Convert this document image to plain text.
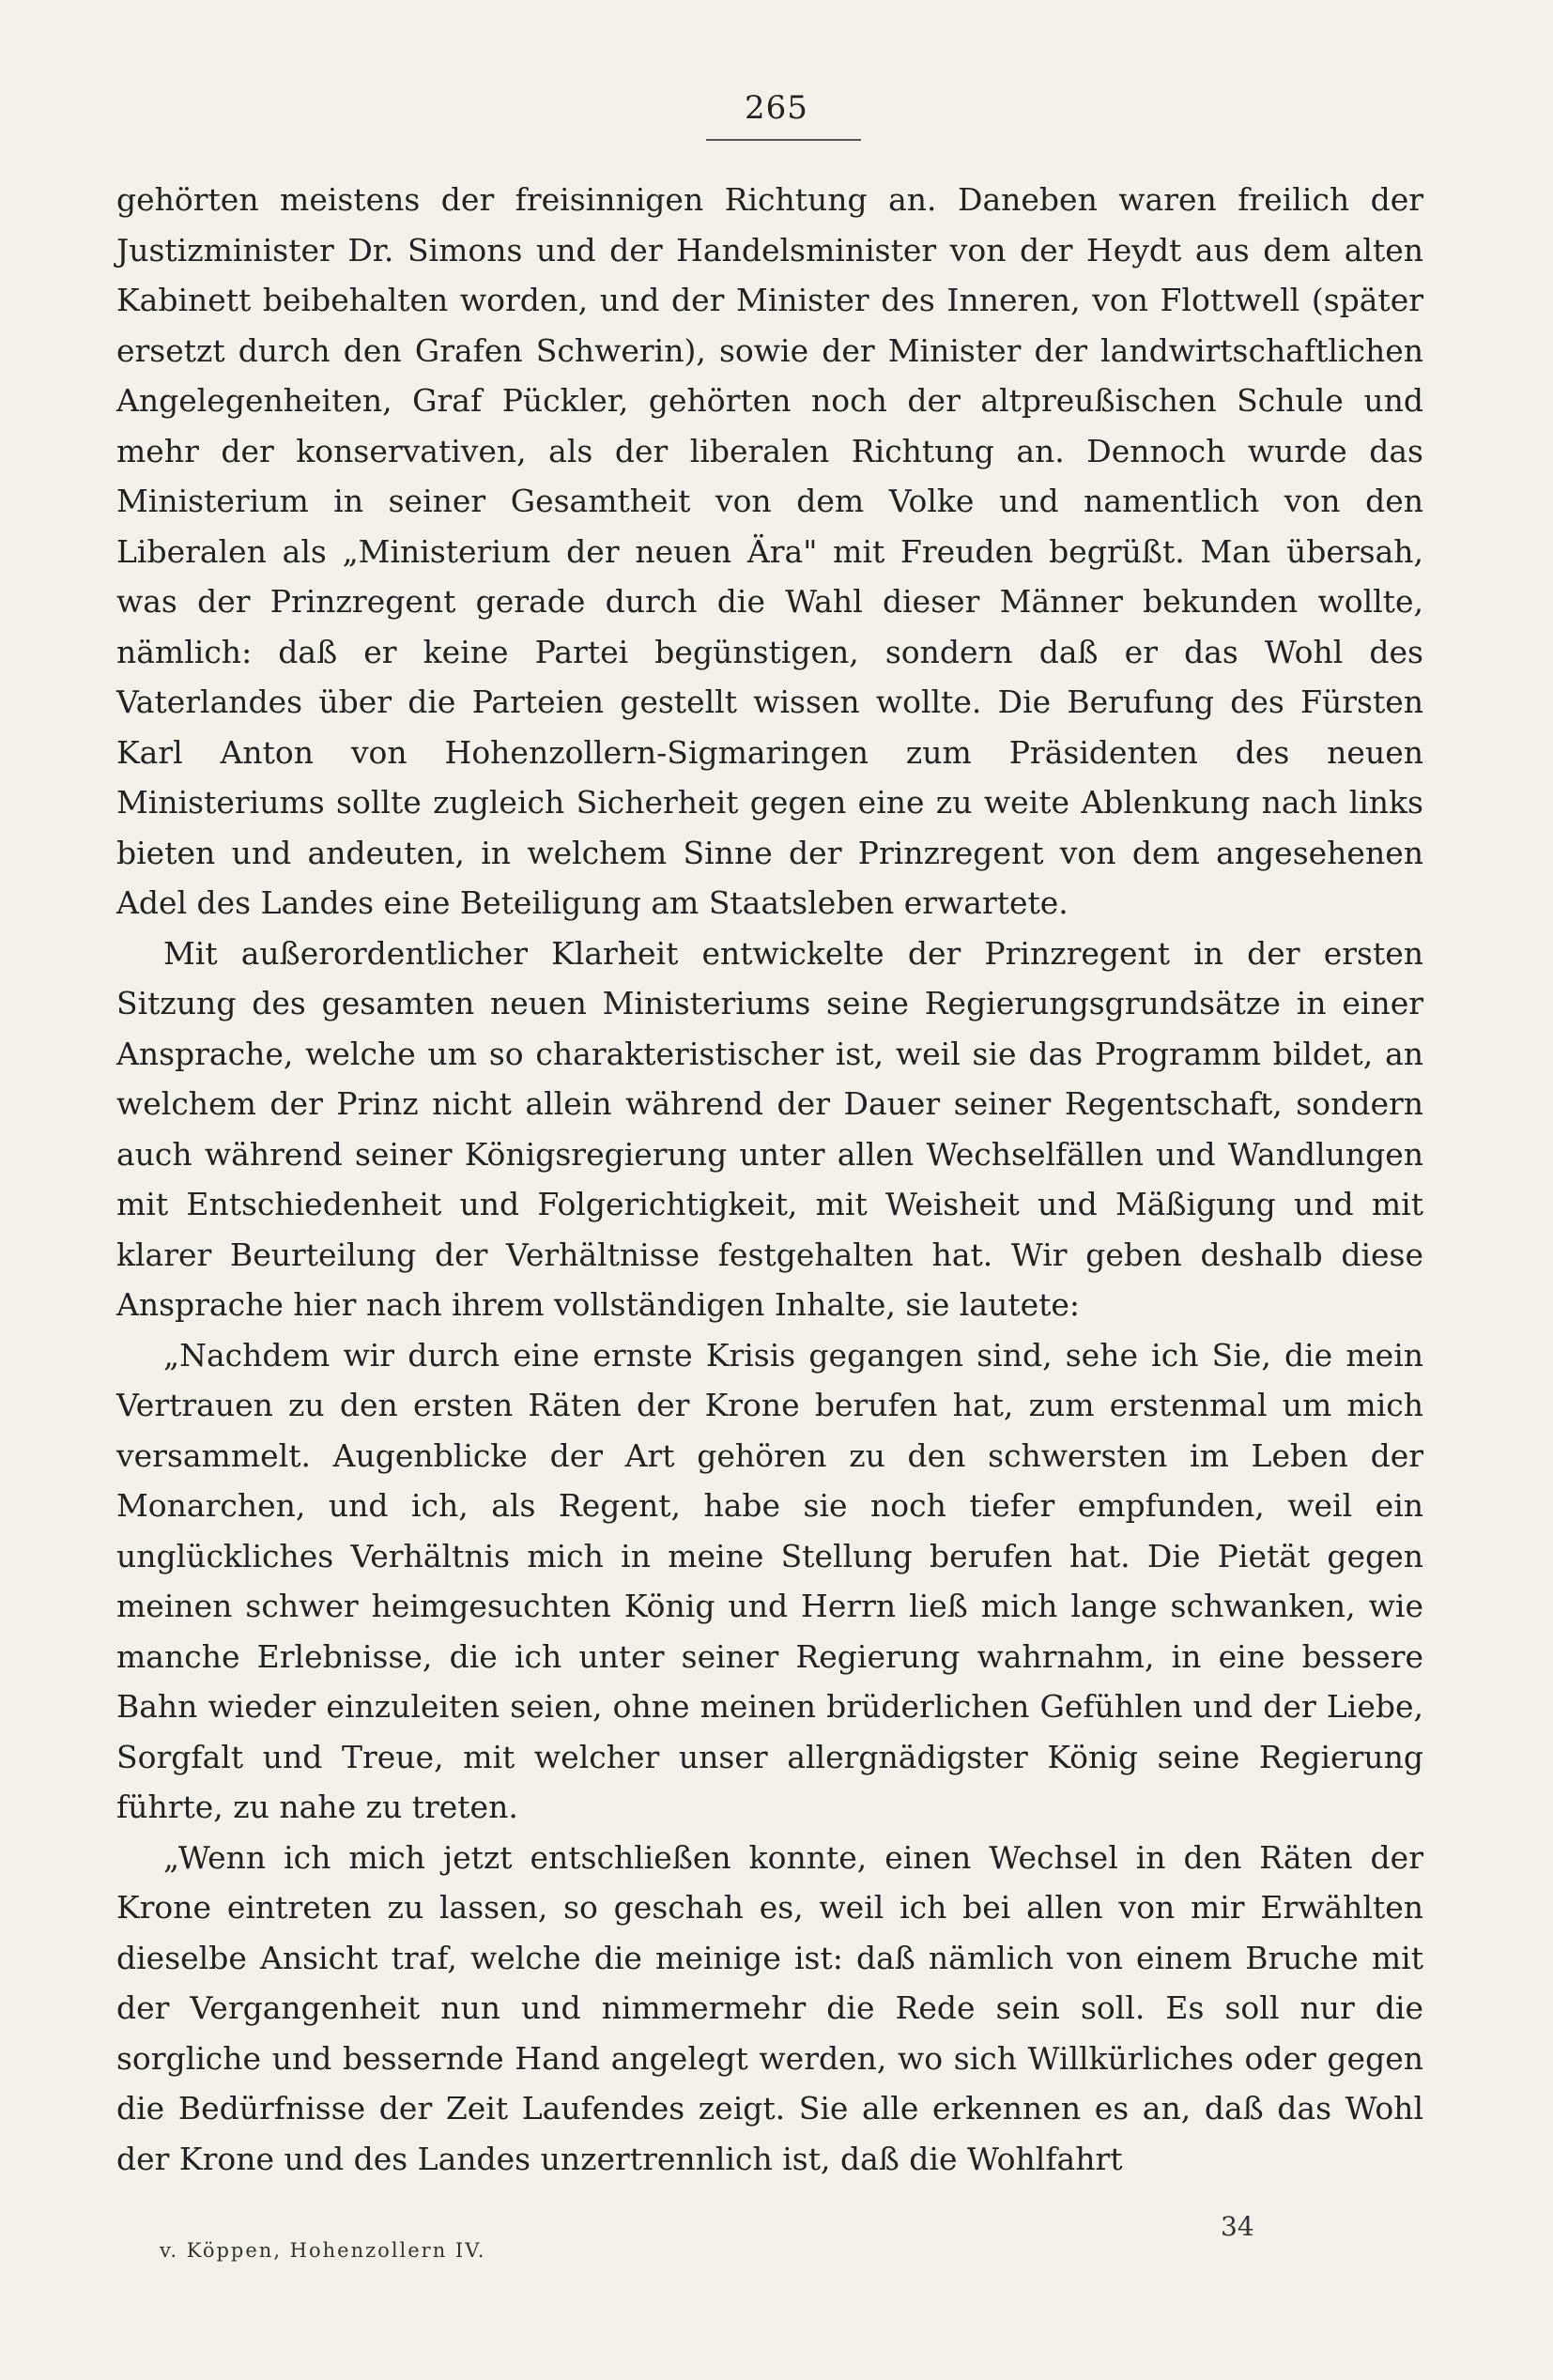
265

gehörten meistens der freisinnigen Richtung an. Daneben waren freilich der Justizminister Dr. Simons und der Handelsminister von der Heydt aus dem alten Kabinett beibehalten worden, und der Minister des Inneren, von Flottwell (später ersetzt durch den Grafen Schwerin), sowie der Minister der landwirtschaftlichen Angelegenheiten, Graf Pückler, gehörten noch der altpreußischen Schule und mehr der konservativen, als der liberalen Richtung an. Dennoch wurde das Ministerium in seiner Gesamtheit von dem Volke und namentlich von den Liberalen als „Ministerium der neuen Ära" mit Freuden begrüßt. Man übersah, was der Prinzregent gerade durch die Wahl dieser Männer bekunden wollte, nämlich: daß er keine Partei begünstigen, sondern daß er das Wohl des Vaterlandes über die Parteien gestellt wissen wollte. Die Berufung des Fürsten Karl Anton von Hohenzollern-Sigmaringen zum Präsidenten des neuen Ministeriums sollte zugleich Sicherheit gegen eine zu weite Ablenkung nach links bieten und andeuten, in welchem Sinne der Prinzregent von dem angesehenen Adel des Landes eine Beteiligung am Staatsleben erwartete.

Mit außerordentlicher Klarheit entwickelte der Prinzregent in der ersten Sitzung des gesamten neuen Ministeriums seine Regierungsgrundsätze in einer Ansprache, welche um so charakteristischer ist, weil sie das Programm bildet, an welchem der Prinz nicht allein während der Dauer seiner Regentschaft, sondern auch während seiner Königsregierung unter allen Wechselfällen und Wandlungen mit Entschiedenheit und Folgerichtigkeit, mit Weisheit und Mäßigung und mit klarer Beurteilung der Verhältnisse festgehalten hat. Wir geben deshalb diese Ansprache hier nach ihrem vollständigen Inhalte, sie lautete:

„Nachdem wir durch eine ernste Krisis gegangen sind, sehe ich Sie, die mein Vertrauen zu den ersten Räten der Krone berufen hat, zum erstenmal um mich versammelt. Augenblicke der Art gehören zu den schwersten im Leben der Monarchen, und ich, als Regent, habe sie noch tiefer empfunden, weil ein unglückliches Verhältnis mich in meine Stellung berufen hat. Die Pietät gegen meinen schwer heimgesuchten König und Herrn ließ mich lange schwanken, wie manche Erlebnisse, die ich unter seiner Regierung wahrnahm, in eine bessere Bahn wieder einzuleiten seien, ohne meinen brüderlichen Gefühlen und der Liebe, Sorgfalt und Treue, mit welcher unser allergnädigster König seine Regierung führte, zu nahe zu treten.

„Wenn ich mich jetzt entschließen konnte, einen Wechsel in den Räten der Krone eintreten zu lassen, so geschah es, weil ich bei allen von mir Erwählten dieselbe Ansicht traf, welche die meinige ist: daß nämlich von einem Bruche mit der Vergangenheit nun und nimmermehr die Rede sein soll. Es soll nur die sorgliche und bessernde Hand angelegt werden, wo sich Willkürliches oder gegen die Bedürfnisse der Zeit Laufendes zeigt. Sie alle erkennen es an, daß das Wohl der Krone und des Landes unzertrennlich ist, daß die Wohlfahrt

v. Köppen, Hohenzollern IV.
34
